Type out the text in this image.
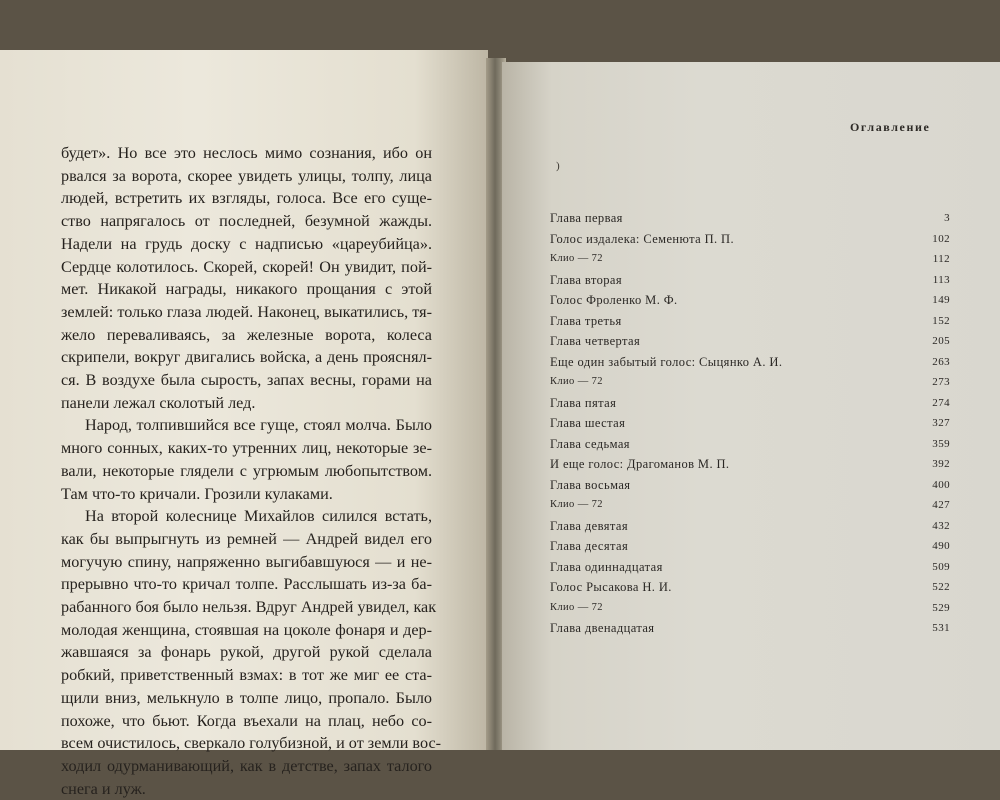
будет». Но все это неслось мимо сознания, ибо он
рвался за ворота, скорее увидеть улицы, толпу, лица
людей, встретить их взгляды, голоса. Все его суще-
ство напрягалось от последней, безумной жажды.
Надели на грудь доску с надписью «цареубийца».
Сердце колотилось. Скорей, скорей! Он увидит, пой-
мет. Никакой награды, никакого прощания с этой
землей: только глаза людей. Наконец, выкатились, тя-
жело переваливаясь, за железные ворота, колеса
скрипели, вокруг двигались войска, а день прояснял-
ся. В воздухе была сырость, запах весны, горами на
панели лежал сколотый лед.

Народ, толпившийся все гуще, стоял молча. Было
много сонных, каких-то утренних лиц, некоторые зе-
вали, некоторые глядели с угрюмым любопытством.
Там что-то кричали. Грозили кулаками.

На второй колеснице Михайлов силился встать,
как бы выпрыгнуть из ремней — Андрей видел его
могучую спину, напряженно выгибавшуюся — и не-
прерывно что-то кричал толпе. Расслышать из-за ба-
рабанного боя было нельзя. Вдруг Андрей увидел, как
молодая женщина, стоявшая на цоколе фонаря и дер-
жавшаяся за фонарь рукой, другой рукой сделала
робкий, приветственный взмах: в тот же миг ее ста-
щили вниз, мелькнуло в толпе лицо, пропало. Было
похоже, что бьют. Когда въехали на плац, небо со-
всем очистилось, сверкало голубизной, и от земли вос-
ходил одурманивающий, как в детстве, запах талого
снега и луж.

Оглавление
)
Глава первая	3
Голос издалека: Семенюта П. П.	102
Клио — 72	112
Глава вторая	113
Голос Фроленко М. Ф.	149
Глава третья	152
Глава четвертая	205
Еще один забытый голос: Сыцянко А. И.	263
Клио — 72	273
Глава пятая	274
Глава шестая	327
Глава седьмая	359
И еще голос: Драгоманов М. П.	392
Глава восьмая	400
Клио — 72	427
Глава девятая	432
Глава десятая	490
Глава одиннадцатая	509
Голос Рысакова Н. И.	522
Клио — 72	529
Глава двенадцатая	531
